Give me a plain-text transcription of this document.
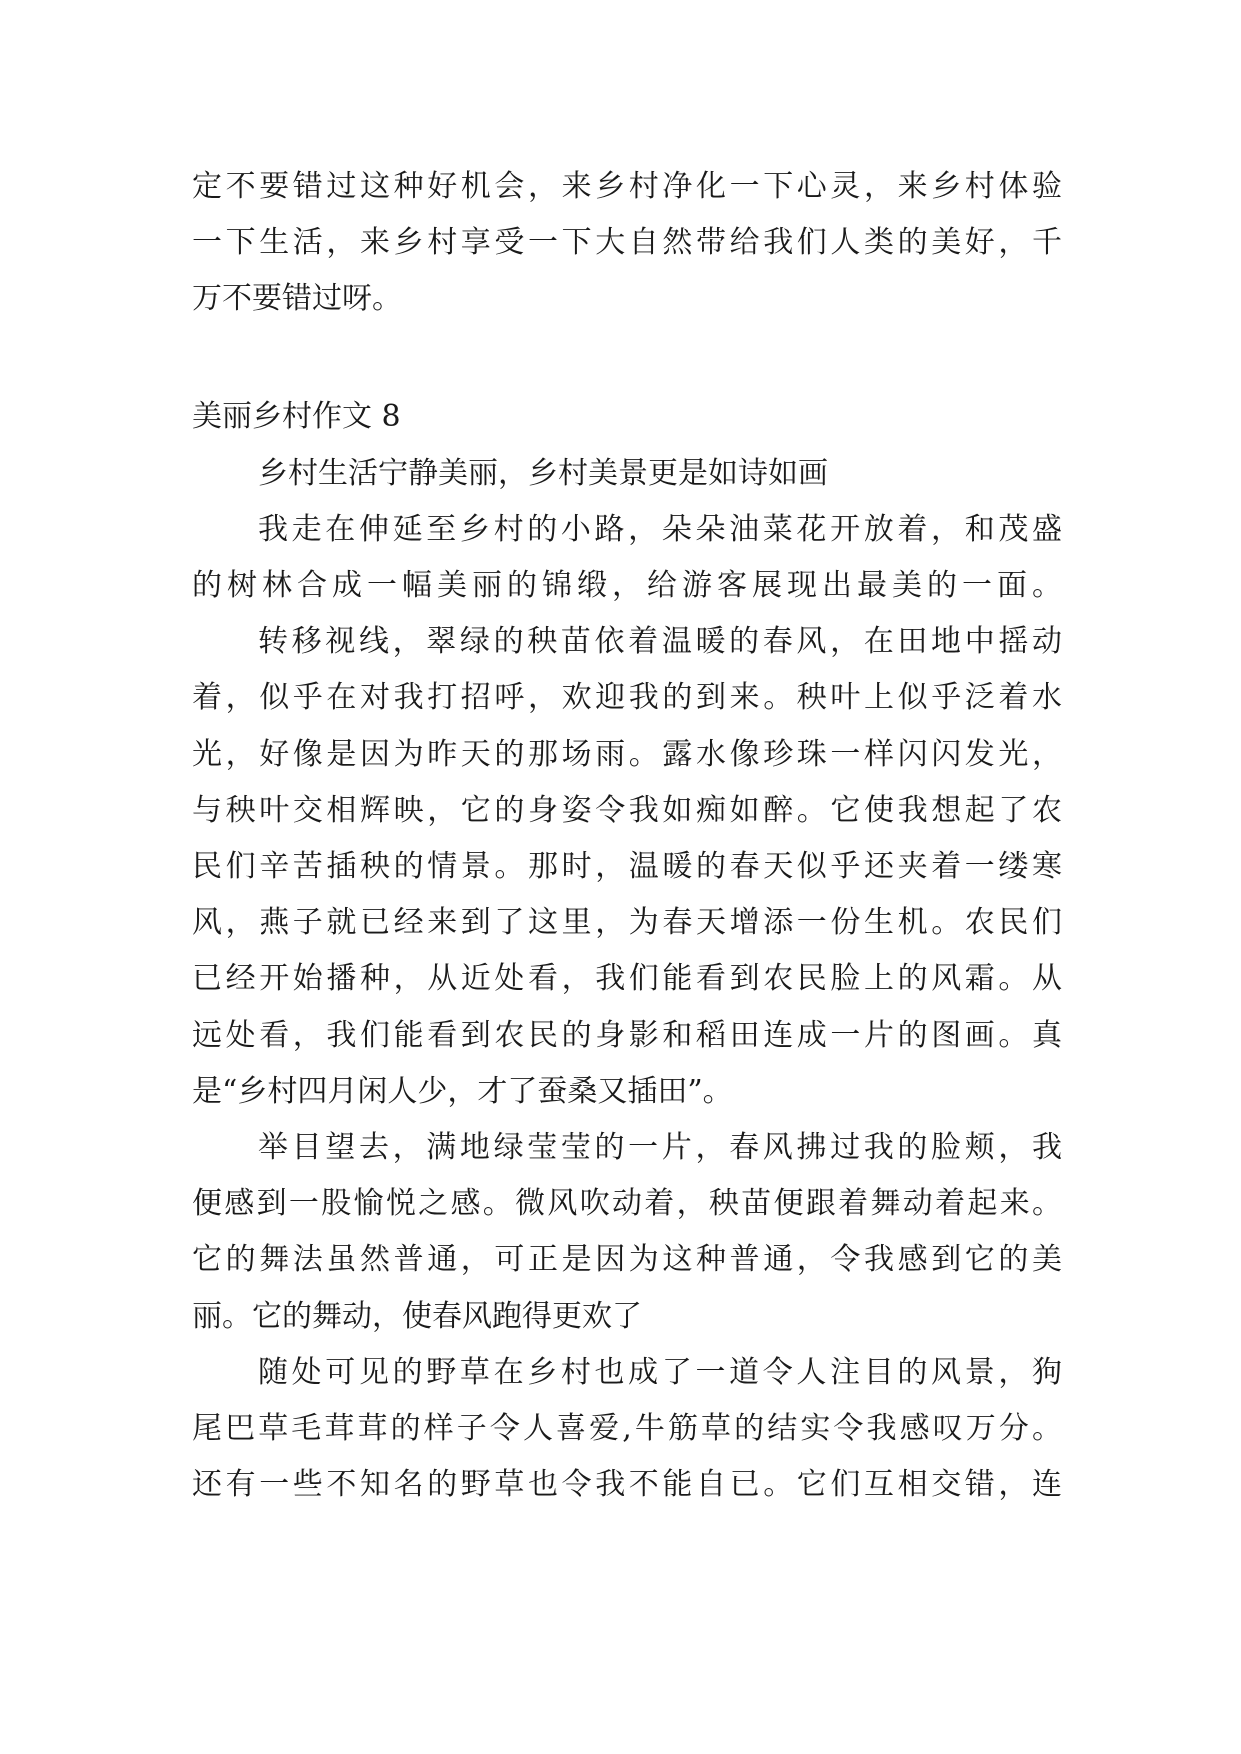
定不要错过这种好机会，来乡村净化一下心灵，来乡村体验
一下生活，来乡村享受一下大自然带给我们人类的美好，千
万不要错过呀。
美丽乡村作文 8
乡村生活宁静美丽，乡村美景更是如诗如画
我走在伸延至乡村的小路，朵朵油菜花开放着，和茂盛
的树林合成一幅美丽的锦缎，给游客展现出最美的一面。
转移视线，翠绿的秧苗依着温暖的春风，在田地中摇动
着，似乎在对我打招呼，欢迎我的到来。秧叶上似乎泛着水
光，好像是因为昨天的那场雨。露水像珍珠一样闪闪发光，
与秧叶交相辉映，它的身姿令我如痴如醉。它使我想起了农
民们辛苦插秧的情景。那时，温暖的春天似乎还夹着一缕寒
风，燕子就已经来到了这里，为春天增添一份生机。农民们
已经开始播种，从近处看，我们能看到农民脸上的风霜。从
远处看，我们能看到农民的身影和稻田连成一片的图画。真
是“乡村四月闲人少，才了蚕桑又插田”。
举目望去，满地绿莹莹的一片，春风拂过我的脸颊，我
便感到一股愉悦之感。微风吹动着，秧苗便跟着舞动着起来。
它的舞法虽然普通，可正是因为这种普通，令我感到它的美
丽。它的舞动，使春风跑得更欢了
随处可见的野草在乡村也成了一道令人注目的风景，狗
尾巴草毛茸茸的样子令人喜爱,牛筋草的结实令我感叹万分。
还有一些不知名的野草也令我不能自已。它们互相交错，连
